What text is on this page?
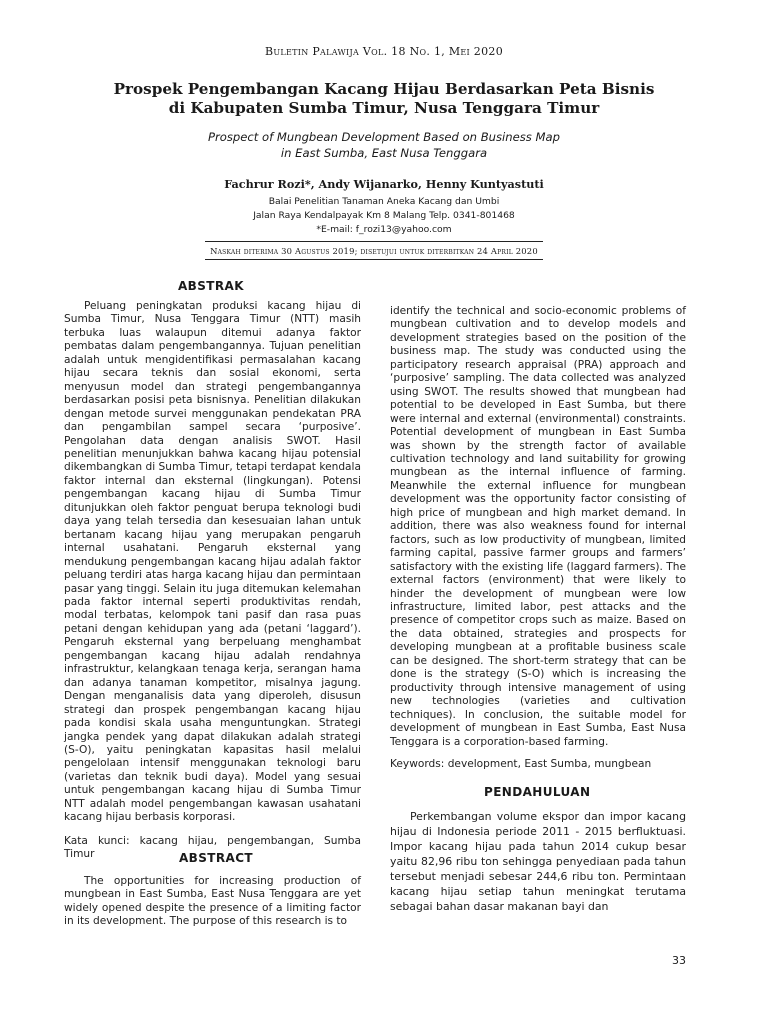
Buletin Palawija Vol. 18 No. 1, Mei 2020
Prospek Pengembangan Kacang Hijau Berdasarkan Peta Bisnis
di Kabupaten Sumba Timur, Nusa Tenggara Timur
Prospect of Mungbean Development Based on Business Map
in East Sumba, East Nusa Tenggara
Fachrur Rozi*, Andy Wijanarko, Henny Kuntyastuti
Balai Penelitian Tanaman Aneka Kacang dan Umbi
Jalan Raya Kendalpayak Km 8 Malang Telp. 0341-801468
*E-mail: f_rozi13@yahoo.com
Naskah diterima 30 Agustus 2019; disetujui untuk diterbitkan 24 April 2020
ABSTRAK

Peluang peningkatan produksi kacang hijau di Sumba Timur, Nusa Tenggara Timur (NTT) masih terbuka luas walaupun ditemui adanya faktor pembatas dalam pengembangannya. Tujuan penelitian adalah untuk mengidentifikasi permasalahan kacang hijau secara teknis dan sosial ekonomi, serta menyusun model dan strategi pengembangannya berdasarkan posisi peta bisnisnya. Penelitian dilakukan dengan metode survei menggunakan pendekatan PRA dan pengambilan sampel secara ‘purposive’. Pengolahan data dengan analisis SWOT. Hasil penelitian menunjukkan bahwa kacang hijau potensial dikembangkan di Sumba Timur, tetapi terdapat kendala faktor internal dan eksternal (lingkungan). Potensi pengembangan kacang hijau di Sumba Timur ditunjukkan oleh faktor penguat berupa teknologi budi daya yang telah tersedia dan kesesuaian lahan untuk bertanam kacang hijau yang merupakan pengaruh internal usahatani. Pengaruh eksternal yang mendukung pengembangan kacang hijau adalah faktor peluang terdiri atas harga kacang hijau dan permintaan pasar yang tinggi. Selain itu juga ditemukan kelemahan pada faktor internal seperti produktivitas rendah, modal terbatas, kelompok tani pasif dan rasa puas petani dengan kehidupan yang ada (petani ‘laggard’). Pengaruh eksternal yang berpeluang menghambat pengembangan kacang hijau adalah rendahnya infrastruktur, kelangkaan tenaga kerja, serangan hama dan adanya tanaman kompetitor, misalnya jagung. Dengan menganalisis data yang diperoleh, disusun strategi dan prospek pengembangan kacang hijau pada kondisi skala usaha menguntungkan. Strategi jangka pendek yang dapat dilakukan adalah strategi (S-O), yaitu peningkatan kapasitas hasil melalui pengelolaan intensif menggunakan teknologi baru (varietas dan teknik budi daya). Model yang sesuai untuk pengembangan kacang hijau di Sumba Timur NTT adalah model pengembangan kawasan usahatani kacang hijau berbasis korporasi.

Kata kunci: kacang hijau, pengembangan, Sumba Timur	ABSTRACT

The opportunities for increasing production of mungbean in East Sumba, East Nusa Tenggara are yet widely opened despite the presence of a limiting factor in its development. The purpose of this research is to

identify the technical and socio-economic problems of mungbean cultivation and to develop models and development strategies based on the position of the business map. The study was conducted using the participatory research appraisal (PRA) approach and ‘purposive’ sampling. The data collected was analyzed using SWOT. The results showed that mungbean had potential to be developed in East Sumba, but there were internal and external (environmental) constraints. Potential development of mungbean in East Sumba was shown by the strength factor of available cultivation technology and land suitability for growing mungbean as the internal influence of farming. Meanwhile the external influence for mungbean development was the opportunity factor consisting of high price of mungbean and high market demand. In addition, there was also weakness found for internal factors, such as low productivity of mungbean, limited farming capital, passive farmer groups and farmers’ satisfactory with the existing life (laggard farmers). The external factors (environment) that were likely to hinder the development of mungbean were low infrastructure, limited labor, pest attacks and the presence of competitor crops such as maize. Based on the data obtained, strategies and prospects for developing mungbean at a profitable business scale can be designed. The short-term strategy that can be done is the strategy (S-O) which is increasing the productivity through intensive management of using new technologies (varieties and cultivation techniques). In conclusion, the suitable model for development of mungbean in East Sumba, East Nusa Tenggara is a corporation-based farming.

Keywords: development, East Sumba, mungbean

PENDAHULUAN

Perkembangan volume ekspor dan impor kacang hijau di Indonesia periode 2011 - 2015 berfluktuasi. Impor kacang hijau pada tahun 2014 cukup besar yaitu 82,96 ribu ton sehingga penyediaan pada tahun tersebut menjadi sebesar 244,6 ribu ton. Permintaan kacang hijau setiap tahun meningkat terutama sebagai bahan dasar makanan bayi dan

33
